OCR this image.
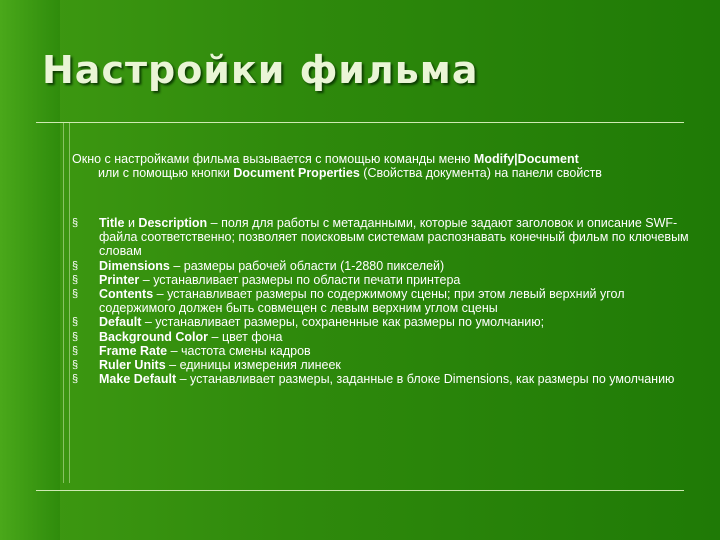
Настройки фильма
Окно с настройками фильма вызывается с помощью команды меню Modify|Document
или с помощью кнопки Document Properties (Свойства документа) на панели свойств
§ Title и Description – поля для работы с метаданными, которые задают заголовок и описание SWF-файла соответственно; позволяет поисковым системам распознавать конечный фильм по ключевым словам
§ Dimensions – размеры рабочей области (1-2880 пикселей)
§ Printer – устанавливает размеры по области печати принтера
§ Contents – устанавливает размеры по содержимому сцены; при этом левый верхний угол содержимого должен быть совмещен с левым верхним углом сцены
§ Default – устанавливает размеры, сохраненные как размеры по умолчанию;
§ Background Color – цвет фона
§ Frame Rate – частота смены кадров
§ Ruler Units – единицы измерения линеек
§ Make Default – устанавливает размеры, заданные в блоке Dimensions, как размеры по умолчанию
